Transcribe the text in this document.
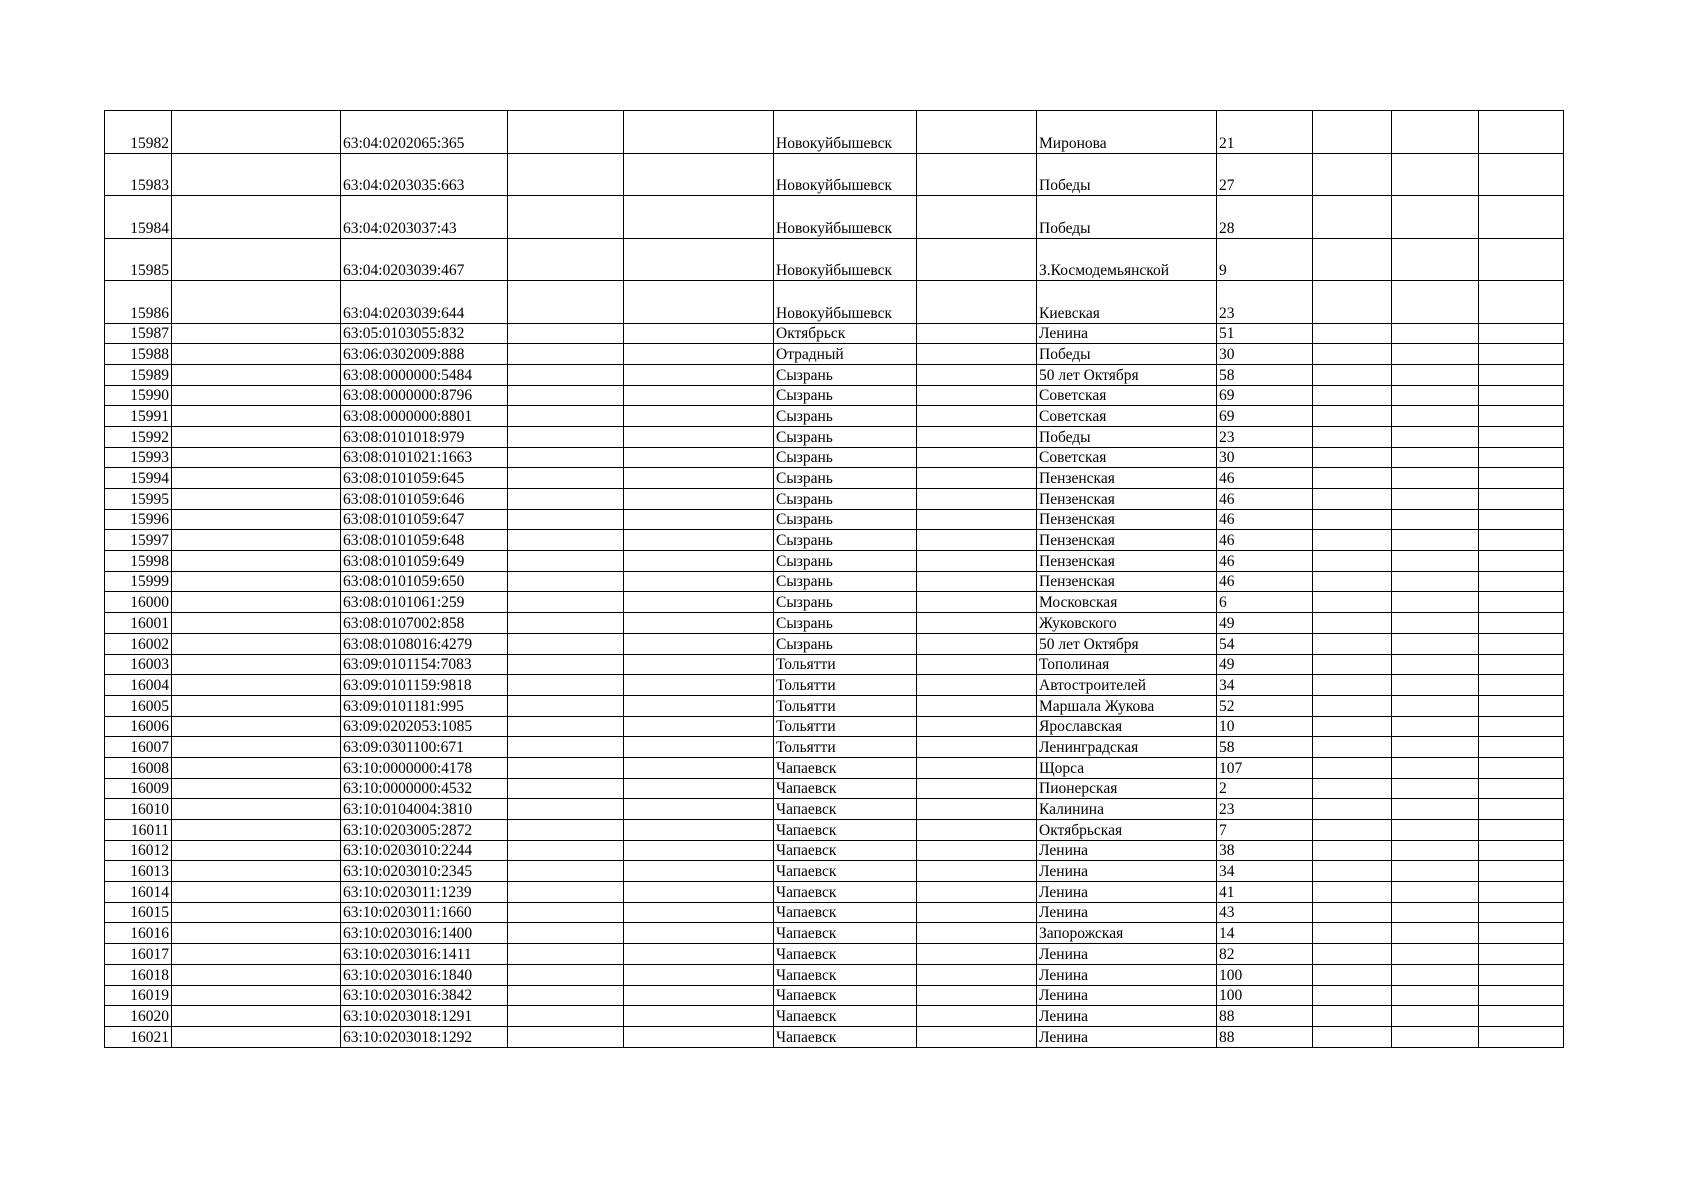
15982		63:04:0202065:365			Новокуйбышевск		Миронова	21			
15983		63:04:0203035:663			Новокуйбышевск		Победы	27			
15984		63:04:0203037:43			Новокуйбышевск		Победы	28			
15985		63:04:0203039:467			Новокуйбышевск		З.Космодемьянской	9			
15986		63:04:0203039:644			Новокуйбышевск		Киевская	23			
15987		63:05:0103055:832			Октябрьск		Ленина	51			
15988		63:06:0302009:888			Отрадный		Победы	30			
15989		63:08:0000000:5484			Сызрань		50 лет Октября	58			
15990		63:08:0000000:8796			Сызрань		Советская	69			
15991		63:08:0000000:8801			Сызрань		Советская	69			
15992		63:08:0101018:979			Сызрань		Победы	23			
15993		63:08:0101021:1663			Сызрань		Советская	30			
15994		63:08:0101059:645			Сызрань		Пензенская	46			
15995		63:08:0101059:646			Сызрань		Пензенская	46			
15996		63:08:0101059:647			Сызрань		Пензенская	46			
15997		63:08:0101059:648			Сызрань		Пензенская	46			
15998		63:08:0101059:649			Сызрань		Пензенская	46			
15999		63:08:0101059:650			Сызрань		Пензенская	46			
16000		63:08:0101061:259			Сызрань		Московская	6			
16001		63:08:0107002:858			Сызрань		Жуковского	49			
16002		63:08:0108016:4279			Сызрань		50 лет Октября	54			
16003		63:09:0101154:7083			Тольятти		Тополиная	49			
16004		63:09:0101159:9818			Тольятти		Автостроителей	34			
16005		63:09:0101181:995			Тольятти		Маршала Жукова	52			
16006		63:09:0202053:1085			Тольятти		Ярославская	10			
16007		63:09:0301100:671			Тольятти		Ленинградская	58			
16008		63:10:0000000:4178			Чапаевск		Щорса	107			
16009		63:10:0000000:4532			Чапаевск		Пионерская	2			
16010		63:10:0104004:3810			Чапаевск		Калинина	23			
16011		63:10:0203005:2872			Чапаевск		Октябрьская	7			
16012		63:10:0203010:2244			Чапаевск		Ленина	38			
16013		63:10:0203010:2345			Чапаевск		Ленина	34			
16014		63:10:0203011:1239			Чапаевск		Ленина	41			
16015		63:10:0203011:1660			Чапаевск		Ленина	43			
16016		63:10:0203016:1400			Чапаевск		Запорожская	14			
16017		63:10:0203016:1411			Чапаевск		Ленина	82			
16018		63:10:0203016:1840			Чапаевск		Ленина	100			
16019		63:10:0203016:3842			Чапаевск		Ленина	100			
16020		63:10:0203018:1291			Чапаевск		Ленина	88			
16021		63:10:0203018:1292			Чапаевск		Ленина	88			
